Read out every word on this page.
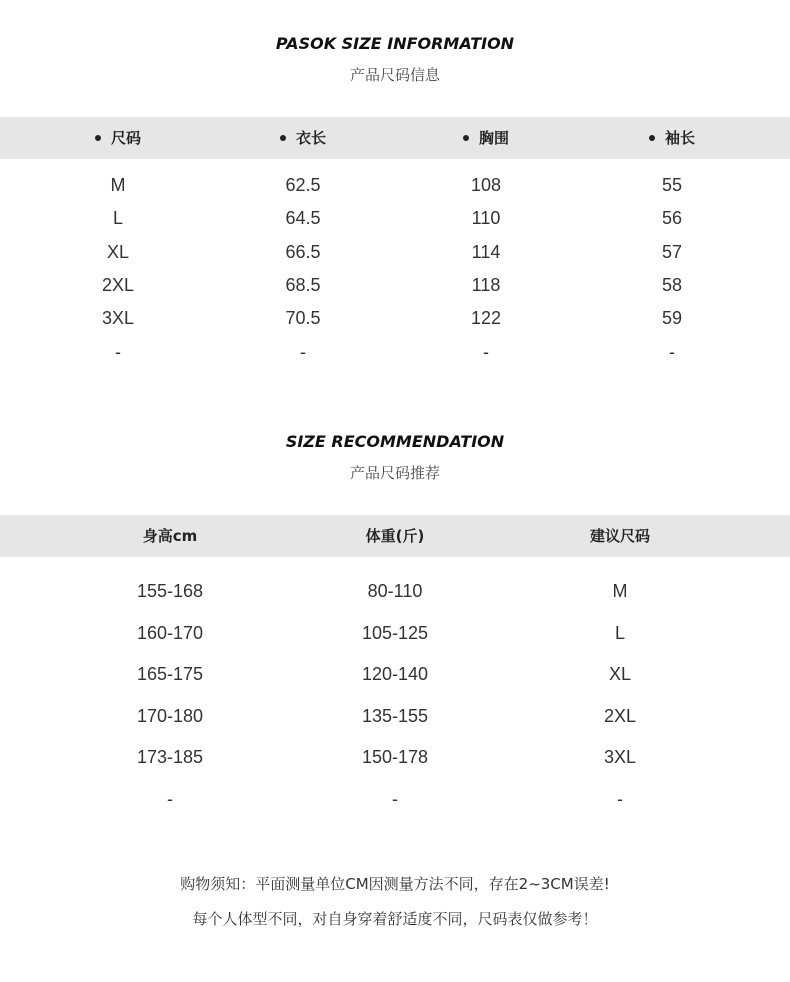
PASOK SIZE INFORMATION
产品尺码信息
尺码	衣长	胸围	袖长
M	62.5	108	55
L	64.5	110	56
XL	66.5	114	57
2XL	68.5	118	58
3XL	70.5	122	59
-	-	-	-
SIZE RECOMMENDATION
产品尺码推荐
身高cm	体重(斤)	建议尺码
155-168	80-110	M
160-170	105-125	L
165-175	120-140	XL
170-180	135-155	2XL
173-185	150-178	3XL
-	-	-
购物须知：平面测量单位CM因测量方法不同，存在2~3CM误差!
每个人体型不同，对自身穿着舒适度不同，尺码表仅做参考！
